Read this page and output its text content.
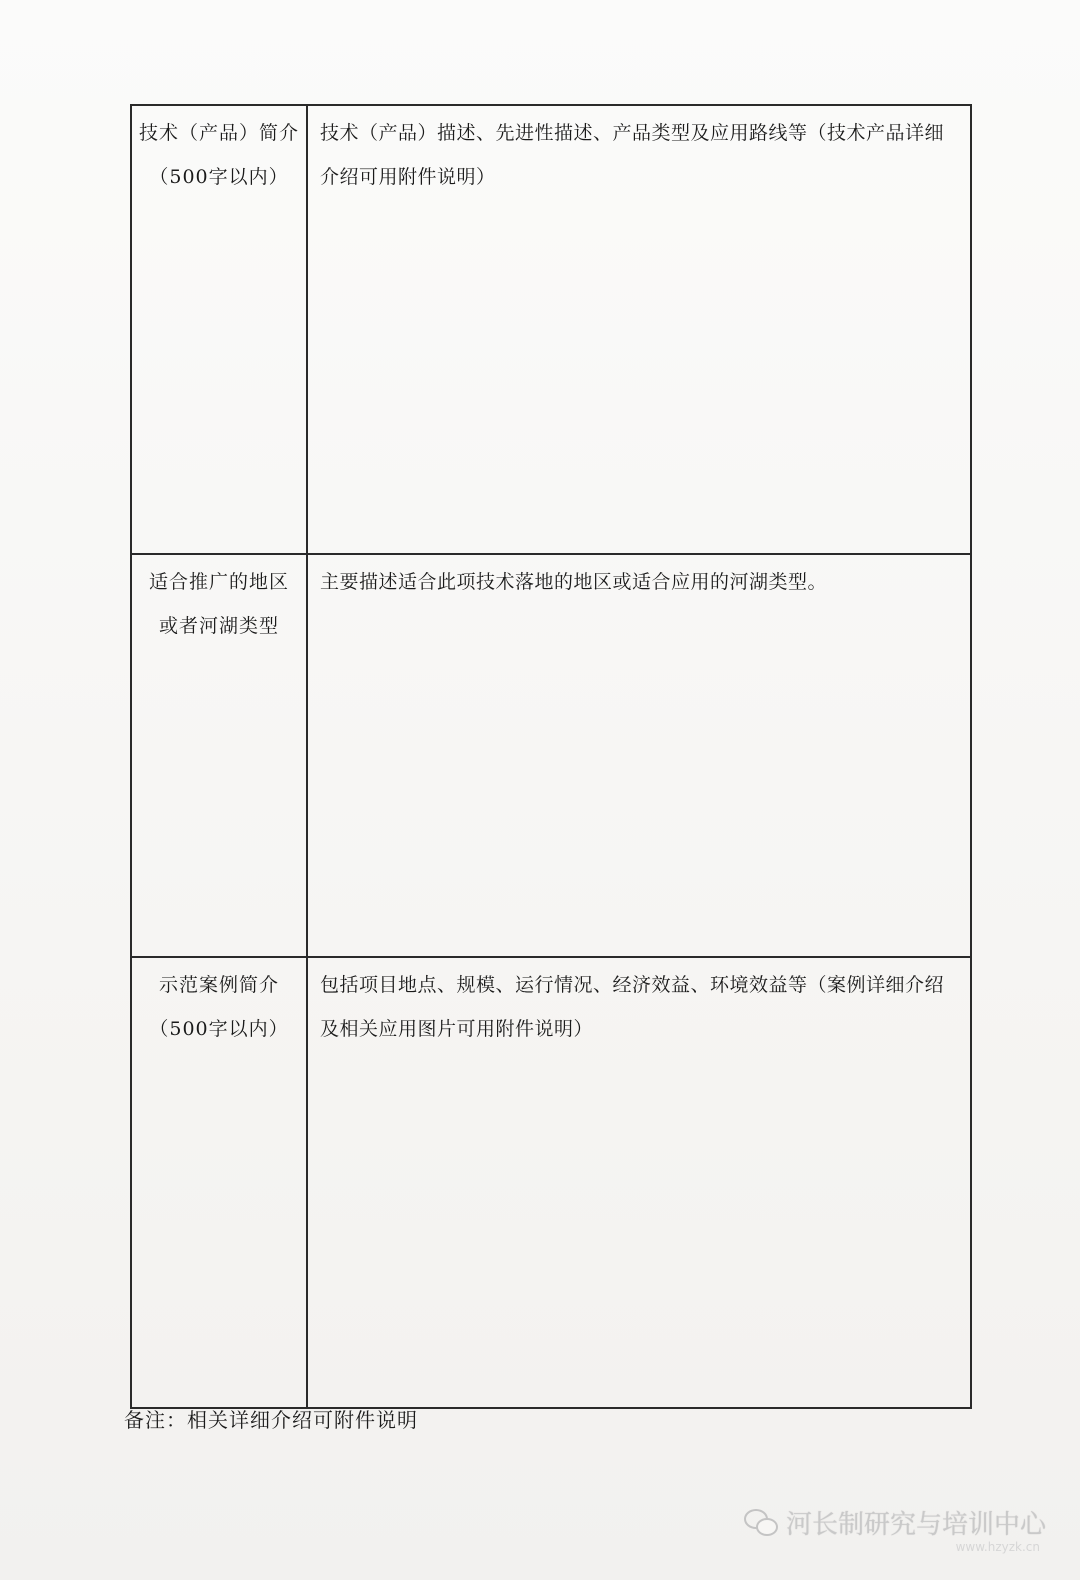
技术（产品）简介
（500字以内）	技术（产品）描述、先进性描述、产品类型及应用路线等（技术产品详细介绍可用附件说明）

适合推广的地区
或者河湖类型	主要描述适合此项技术落地的地区或适合应用的河湖类型。

示范案例简介
（500字以内）	包括项目地点、规模、运行情况、经济效益、环境效益等（案例详细介绍及相关应用图片可用附件说明）
备注：相关详细介绍可附件说明
河长制研究与培训中心
www.hzyzk.cn
